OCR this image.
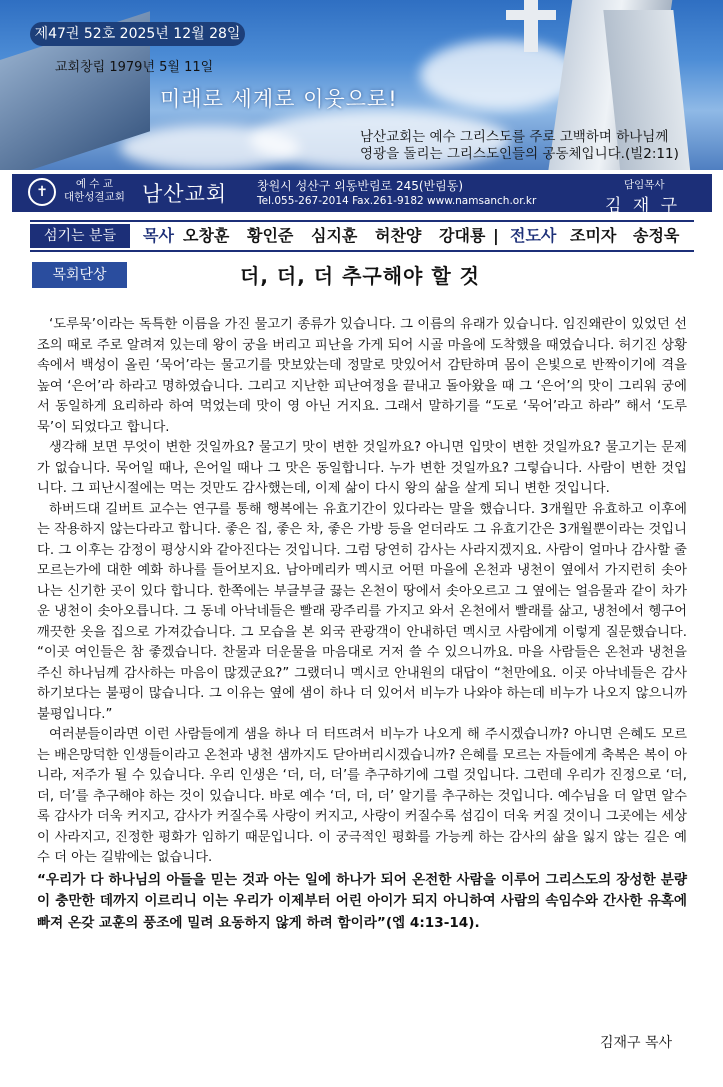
제47권 52호 2025년 12월 28일
교회창립 1979년 5월 11일
미래로 세계로 이웃으로!
남산교회는 예수 그리스도를 주로 고백하며 하나님께
영광을 돌리는 그리스도인들의 공동체입니다.(빌2:11)
✝	예 수 교
대한성결교회 남산교회 창원시 성산구 외동반림로 245(반림동)
Tel.055-267-2014 Fax.261-9182 www.namsanch.or.kr
담임목사
김 재 구
섬기는 분들	목사 오창훈 황인준 심지훈 허찬양 강대룡 | 전도사 조미자 송정욱
목회단상	더, 더, 더 추구해야 할 것

‘도루묵’이라는 독특한 이름을 가진 물고기 종류가 있습니다. 그 이름의 유래가 있습니다. 임진왜란이 있었던 선조의 때로 주로 알려져 있는데 왕이 궁을 버리고 피난을 가게 되어 시골 마을에 도착했을 때였습니다. 허기진 상황 속에서 백성이 올린 ‘묵어’라는 물고기를 맛보았는데 정말로 맛있어서 감탄하며 몸이 은빛으로 반짝이기에 격을 높여 ‘은어’라 하라고 명하였습니다. 그리고 지난한 피난여정을 끝내고 돌아왔을 때 그 ‘은어’의 맛이 그리워 궁에서 동일하게 요리하라 하여 먹었는데 맛이 영 아닌 거지요. 그래서 말하기를 “도로 ‘묵어’라고 하라” 해서 ‘도루묵’이 되었다고 합니다.

생각해 보면 무엇이 변한 것일까요? 물고기 맛이 변한 것일까요? 아니면 입맛이 변한 것일까요? 물고기는 문제가 없습니다. 묵어일 때나, 은어일 때나 그 맛은 동일합니다. 누가 변한 것일까요? 그렇습니다. 사람이 변한 것입니다. 그 피난시절에는 먹는 것만도 감사했는데, 이제 삶이 다시 왕의 삶을 살게 되니 변한 것입니다.

하버드대 길버트 교수는 연구를 통해 행복에는 유효기간이 있다라는 말을 했습니다. 3개월만 유효하고 이후에는 작용하지 않는다라고 합니다. 좋은 집, 좋은 차, 좋은 가방 등을 얻더라도 그 유효기간은 3개월뿐이라는 것입니다. 그 이후는 감정이 평상시와 같아진다는 것입니다. 그럼 당연히 감사는 사라지겠지요. 사람이 얼마나 감사할 줄 모르는가에 대한 예화 하나를 들어보지요. 남아메리카 멕시코 어떤 마을에 온천과 냉천이 옆에서 가지런히 솟아나는 신기한 곳이 있다 합니다. 한쪽에는 부글부글 끓는 온천이 땅에서 솟아오르고 그 옆에는 얼음물과 같이 차가운 냉천이 솟아오릅니다. 그 동네 아낙네들은 빨래 광주리를 가지고 와서 온천에서 빨래를 삶고, 냉천에서 헹구어 깨끗한 옷을 집으로 가져갔습니다. 그 모습을 본 외국 관광객이 안내하던 멕시코 사람에게 이렇게 질문했습니다. “이곳 여인들은 참 좋겠습니다. 찬물과 더운물을 마음대로 거저 쓸 수 있으니까요. 마을 사람들은 온천과 냉천을 주신 하나님께 감사하는 마음이 많겠군요?” 그랬더니 멕시코 안내원의 대답이 “천만에요. 이곳 아낙네들은 감사하기보다는 불평이 많습니다. 그 이유는 옆에 샘이 하나 더 있어서 비누가 나와야 하는데 비누가 나오지 않으니까 불평입니다.”

여러분들이라면 이런 사람들에게 샘을 하나 더 터뜨려서 비누가 나오게 해 주시겠습니까? 아니면 은혜도 모르는 배은망덕한 인생들이라고 온천과 냉천 샘까지도 닫아버리시겠습니까? 은혜를 모르는 자들에게 축복은 복이 아니라, 저주가 될 수 있습니다. 우리 인생은 ‘더, 더, 더’를 추구하기에 그럴 것입니다. 그런데 우리가 진정으로 ‘더, 더, 더’를 추구해야 하는 것이 있습니다. 바로 예수 ‘더, 더, 더’ 알기를 추구하는 것입니다. 예수님을 더 알면 알수록 감사가 더욱 커지고, 감사가 커질수록 사랑이 커지고, 사랑이 커질수록 섬김이 더욱 커질 것이니 그곳에는 세상이 사라지고, 진정한 평화가 임하기 때문입니다. 이 궁극적인 평화를 가능케 하는 감사의 삶을 잃지 않는 길은 예수 더 아는 길밖에는 없습니다.

“우리가 다 하나님의 아들을 믿는 것과 아는 일에 하나가 되어 온전한 사람을 이루어 그리스도의 장성한 분량이 충만한 데까지 이르리니 이는 우리가 이제부터 어린 아이가 되지 아니하여 사람의 속임수와 간사한 유혹에 빠져 온갖 교훈의 풍조에 밀려 요동하지 않게 하려 함이라”(엡 4:13-14).

김재구 목사
